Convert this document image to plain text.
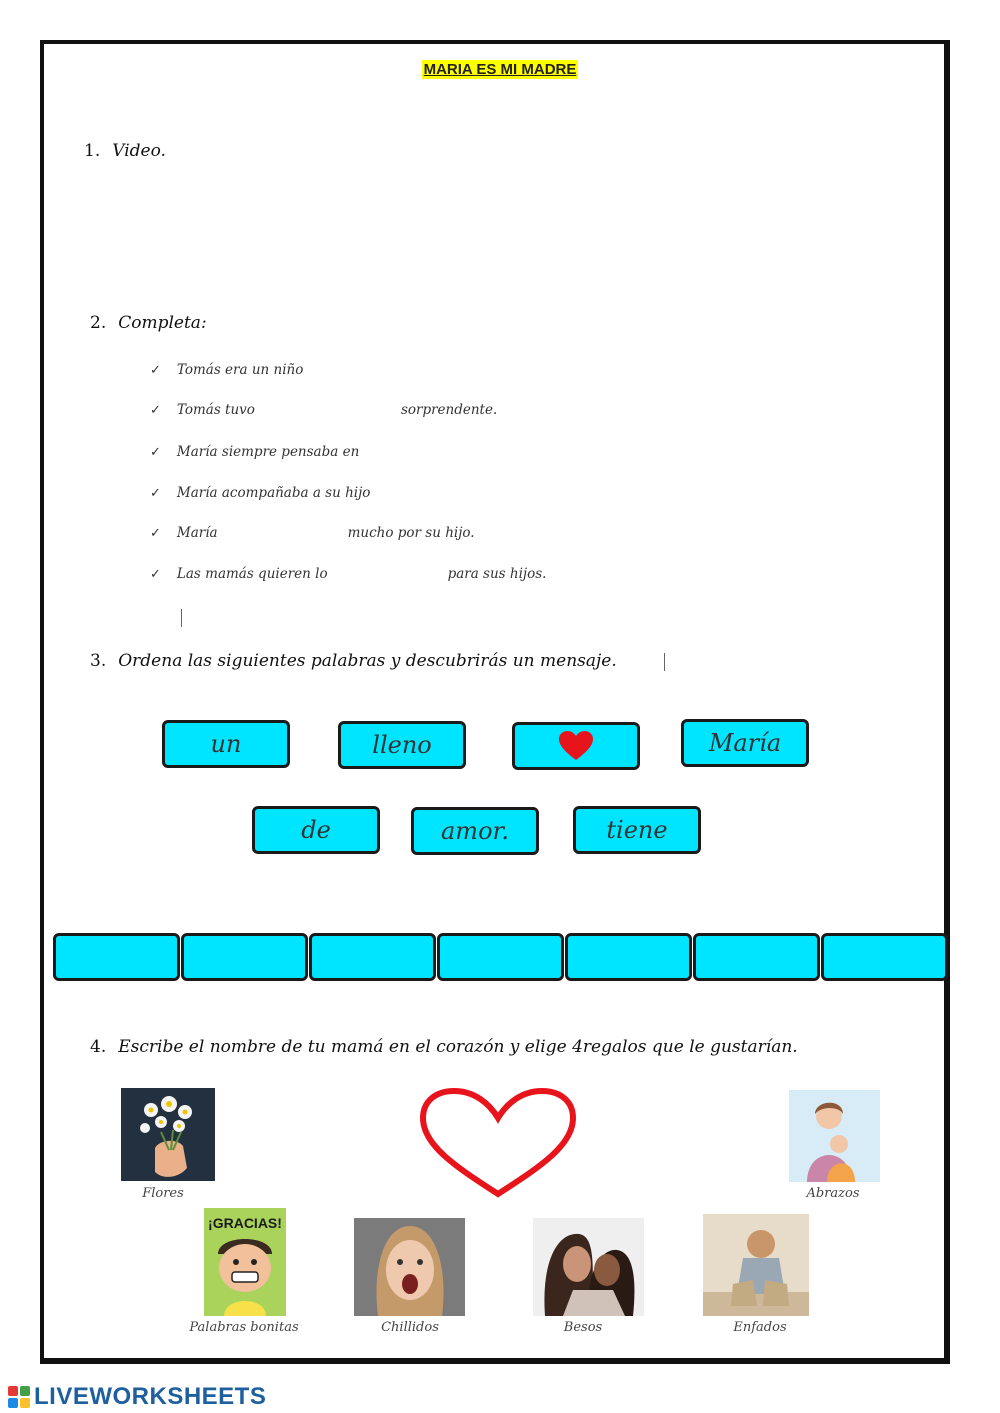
MARIA ES MI MADRE
1. Video.
2. Completa:
✓ Tomás era un niño
✓ Tomás tuvo	sorprendente.
✓ María siempre pensaba en
✓ María acompañaba a su hijo
✓ María	mucho por su hijo.
✓ Las mamás quieren lo	para sus hijos.
3. Ordena las siguientes palabras y descubrirás un mensaje.
un	lleno	María
de	amor.	tiene
4. Escribe el nombre de tu mamá en el corazón y elige 4regalos que le gustarían.
Flores	Abrazos
¡GRACIAS!
Palabras bonitas	Chillidos	Besos	Enfados
LIVEWORKSHEETS
